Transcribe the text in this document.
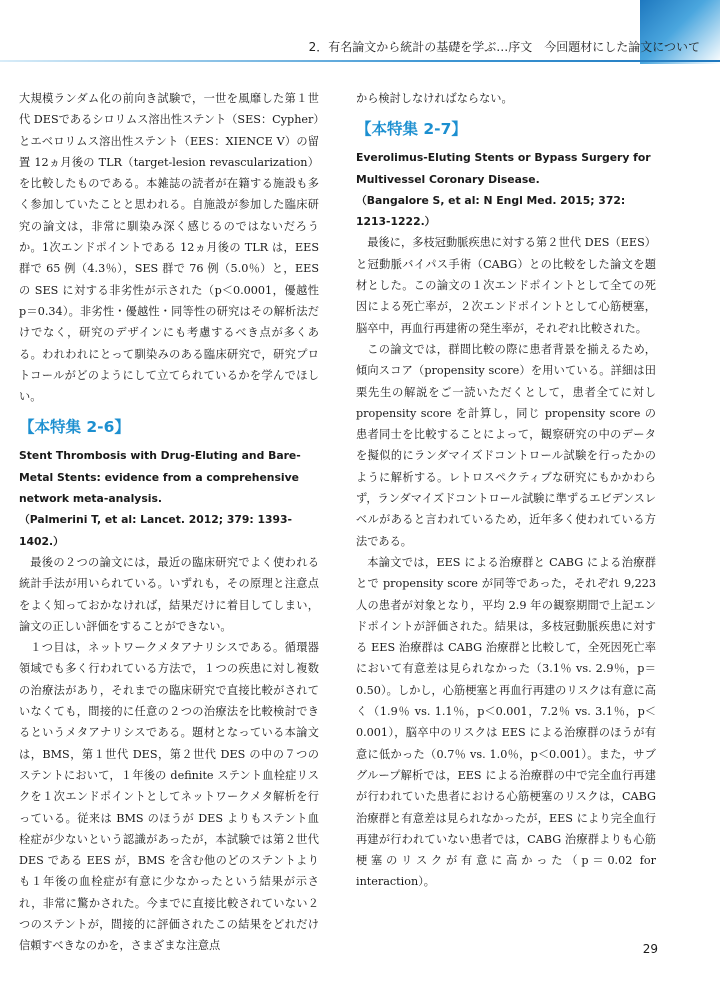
2．有名論文から統計の基礎を学ぶ…序文　今回題材にした論文について

大規模ランダム化の前向き試験で，一世を風靡した第１世代 DESであるシロリムス溶出性ステント（SES：Cypher）とエベロリムス溶出性ステント（EES：XIENCE V）の留置 12ヵ月後の TLR（target-lesion revascularization）を比較したものである。本雑誌の読者が在籍する施設も多く参加していたことと思われる。自施設が参加した臨床研究の論文は，非常に馴染み深く感じるのではないだろうか。1次エンドポイントである 12ヵ月後の TLR は，EES 群で 65 例（4.3％），SES 群で 76 例（5.0％）と，EESの SES に対する非劣性が示された（p＜0.0001，優越性 p＝0.34）。非劣性・優越性・同等性の研究はその解析法だけでなく，研究のデザインにも考慮するべき点が多くある。われわれにとって馴染みのある臨床研究で，研究プロトコールがどのようにして立てられているかを学んでほしい。

【本特集 2-6】
Stent Thrombosis with Drug-Eluting and Bare-Metal Stents: evidence from a comprehensive network meta-analysis.
（Palmerini T, et al: Lancet. 2012; 379: 1393-1402.）

最後の２つの論文には，最近の臨床研究でよく使われる統計手法が用いられている。いずれも，その原理と注意点をよく知っておかなければ，結果だけに着目してしまい，論文の正しい評価をすることができない。

１つ目は，ネットワークメタアナリシスである。循環器領域でも多く行われている方法で，１つの疾患に対し複数の治療法があり，それまでの臨床研究で直接比較がされていなくても，間接的に任意の２つの治療法を比較検討できるというメタアナリシスである。題材となっている本論文は，BMS，第１世代 DES，第２世代 DES の中の７つのステントにおいて，１年後の definite ステント血栓症リスクを１次エンドポイントとしてネットワークメタ解析を行っている。従来は BMS のほうが DES よりもステント血栓症が少ないという認識があったが，本試験では第２世代 DES である EES が，BMS を含む他のどのステントよりも１年後の血栓症が有意に少なかったという結果が示され，非常に驚かされた。今までに直接比較されていない２つのステントが，間接的に評価されたこの結果をどれだけ信頼すべきなのかを，さまざまな注意点

から検討しなければならない。

【本特集 2-7】
Everolimus-Eluting Stents or Bypass Surgery for Multivessel Coronary Disease.
（Bangalore S, et al: N Engl Med. 2015; 372: 1213-1222.）

最後に，多枝冠動脈疾患に対する第２世代 DES（EES）と冠動脈バイパス手術（CABG）との比較をした論文を題材とした。この論文の１次エンドポイントとして全ての死因による死亡率が，２次エンドポイントとして心筋梗塞，脳卒中，再血行再建術の発生率が，それぞれ比較された。

この論文では，群間比較の際に患者背景を揃えるため，傾向スコア（propensity score）を用いている。詳細は田栗先生の解説をご一読いただくとして，患者全てに対し propensity score を計算し，同じ propensity score の患者同士を比較することによって，観察研究の中のデータを擬似的にランダマイズドコントロール試験を行ったかのように解析する。レトロスペクティブな研究にもかかわらず，ランダマイズドコントロール試験に準ずるエビデンスレベルがあると言われているため，近年多く使われている方法である。

本論文では，EES による治療群と CABG による治療群とで propensity score が同等であった，それぞれ 9,223 人の患者が対象となり，平均 2.9 年の観察期間で上記エンドポイントが評価された。結果は，多枝冠動脈疾患に対する EES 治療群は CABG 治療群と比較して，全死因死亡率において有意差は見られなかった（3.1％ vs. 2.9％，p＝0.50）。しかし，心筋梗塞と再血行再建のリスクは有意に高く（1.9％ vs. 1.1％，p＜0.001，7.2％ vs. 3.1％，p＜0.001），脳卒中のリスクは EES による治療群のほうが有意に低かった（0.7％ vs. 1.0％，p＜0.001）。また，サブグループ解析では，EES による治療群の中で完全血行再建が行われていた患者における心筋梗塞のリスクは，CABG 治療群と有意差は見られなかったが，EES により完全血行再建が行われていない患者では，CABG 治療群よりも心筋梗塞のリスクが有意に高かった（p＝0.02 for interaction）。

29
